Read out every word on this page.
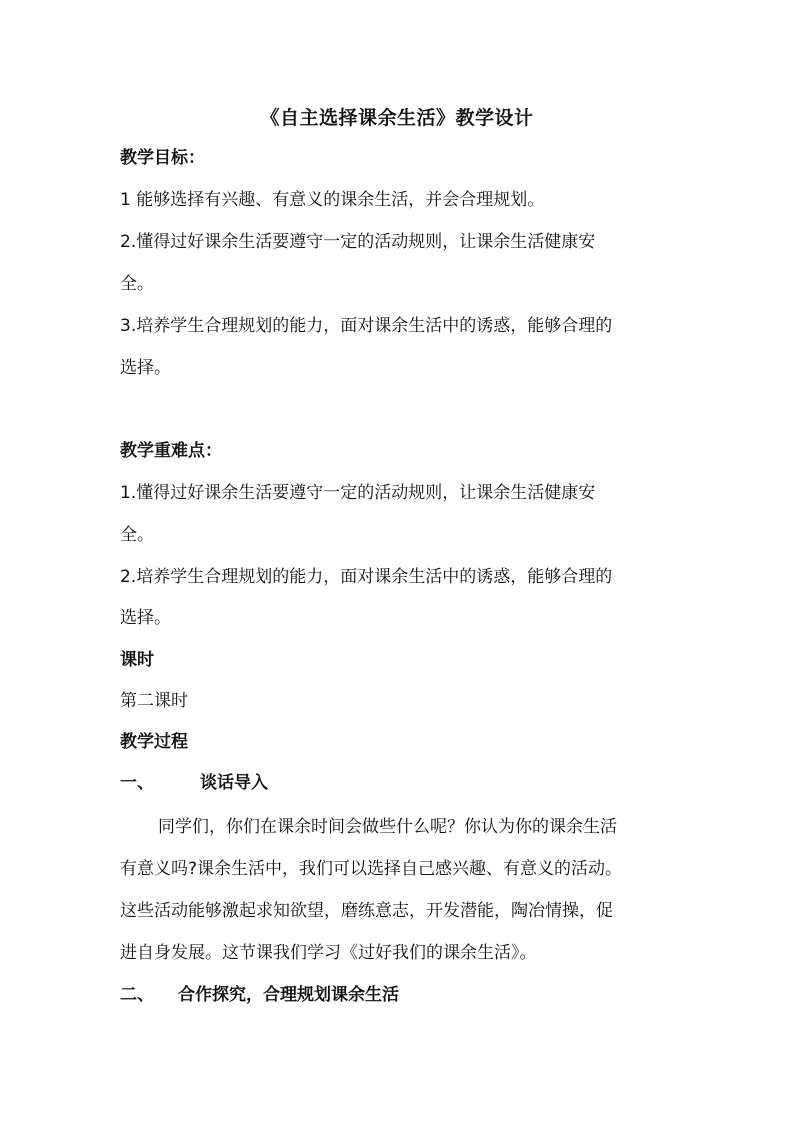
《自主选择课余生活》教学设计
教学目标：
1 能够选择有兴趣、有意义的课余生活，并会合理规划。
2.懂得过好课余生活要遵守一定的活动规则，让课余生活健康安
全。
3.培养学生合理规划的能力，面对课余生活中的诱惑，能够合理的
选择。
教学重难点：
1.懂得过好课余生活要遵守一定的活动规则，让课余生活健康安
全。
2.培养学生合理规划的能力，面对课余生活中的诱惑，能够合理的
选择。
课时
第二课时
教学过程
一、	谈话导入
同学们，你们在课余时间会做些什么呢？你认为你的课余生活
有意义吗?课余生活中，我们可以选择自己感兴趣、有意义的活动。
这些活动能够激起求知欲望，磨练意志，开发潜能，陶冶情操，促
进自身发展。这节课我们学习《过好我们的课余生活》。
二、 合作探究，合理规划课余生活
